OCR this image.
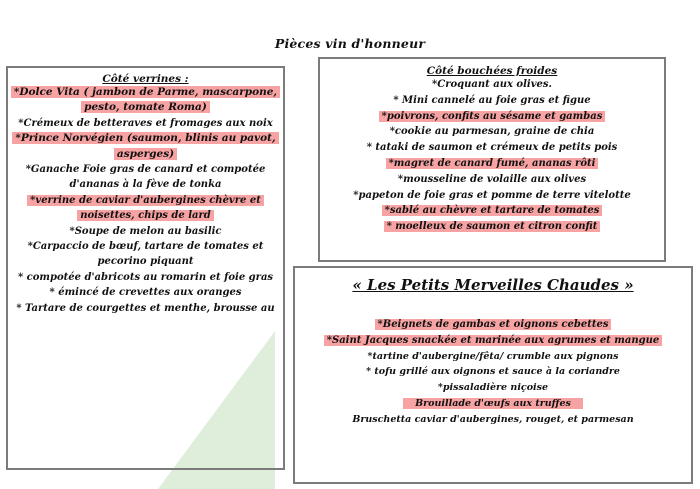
Pièces vin d'honneur
Côté verrines :
*Dolce Vita ( jambon de Parme, mascarpone,
pesto, tomate Roma)
*Crémeux de betteraves et fromages aux noix
*Prince Norvégien (saumon, blinis au pavot,
asperges)
*Ganache Foie gras de canard et compotée
d'ananas à la fève de tonka
*verrine de caviar d'aubergines chèvre et
noisettes, chips de lard
*Soupe de melon au basilic
*Carpaccio de bœuf, tartare de tomates et
pecorino piquant
* compotée d'abricots au romarin et foie gras
* émincé de crevettes aux oranges
* Tartare de courgettes et menthe, brousse au
Côté bouchées froides
*Croquant aux olives.
* Mini cannelé au foie gras et figue
*poivrons, confits au sésame et gambas
*cookie au parmesan, graine de chia
* tataki de saumon et crémeux de petits pois
*magret de canard fumé, ananas rôti
*mousseline de volaille aux olives
*papeton de foie gras et pomme de terre vitelotte
*sablé au chèvre et tartare de tomates
* moelleux de saumon et citron confit
« Les Petits Merveilles Chaudes »
*Beignets de gambas et oignons cebettes
*Saint Jacques snackée et marinée aux agrumes et mangue
*tartine d'aubergine/fêta/ crumble aux pignons
* tofu grillé aux oignons et sauce à la coriandre
*pissaladière niçoise
Brouillade d'œufs aux truffes
Bruschetta caviar d'aubergines, rouget, et parmesan
